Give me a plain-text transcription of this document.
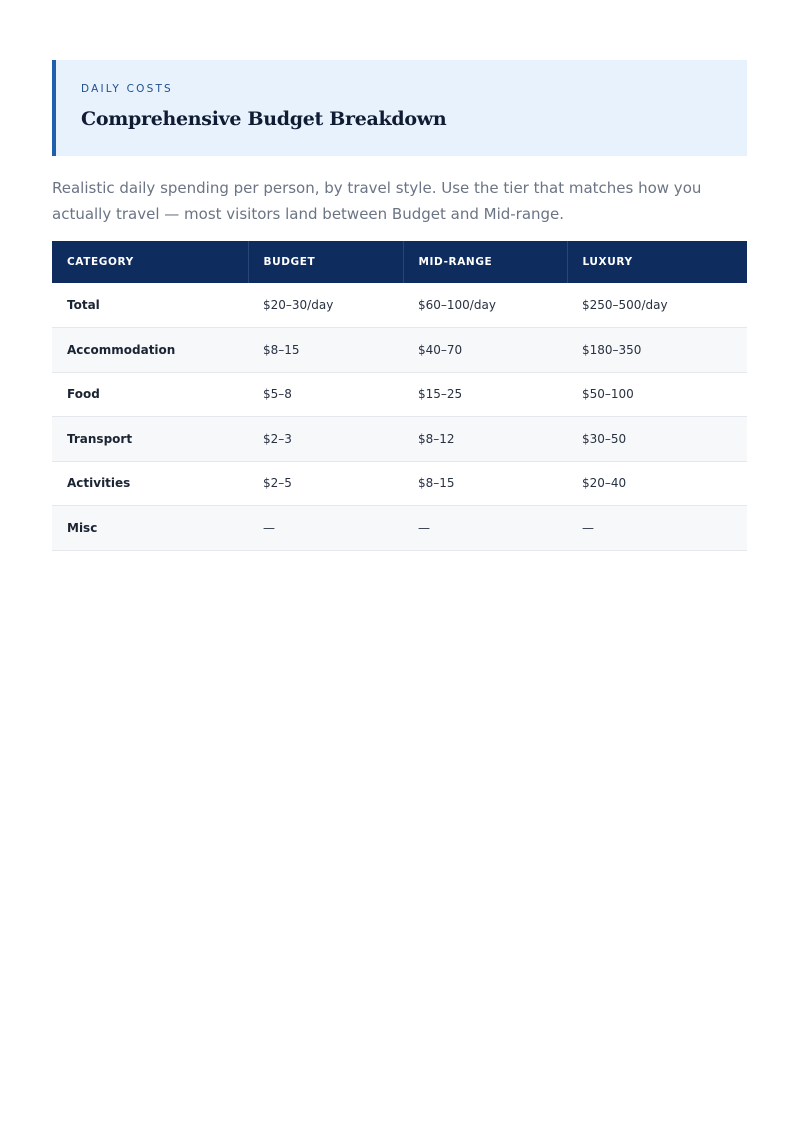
DAILY COSTS
Comprehensive Budget Breakdown

Realistic daily spending per person, by travel style. Use the tier that matches how you actually travel — most visitors land between Budget and Mid-range.

CATEGORY	BUDGET	MID-RANGE	LUXURY
Total	$20–30/day	$60–100/day	$250–500/day
Accommodation	$8–15	$40–70	$180–350
Food	$5–8	$15–25	$50–100
Transport	$2–3	$8–12	$30–50
Activities	$2–5	$8–15	$20–40
Misc	—	—	—
